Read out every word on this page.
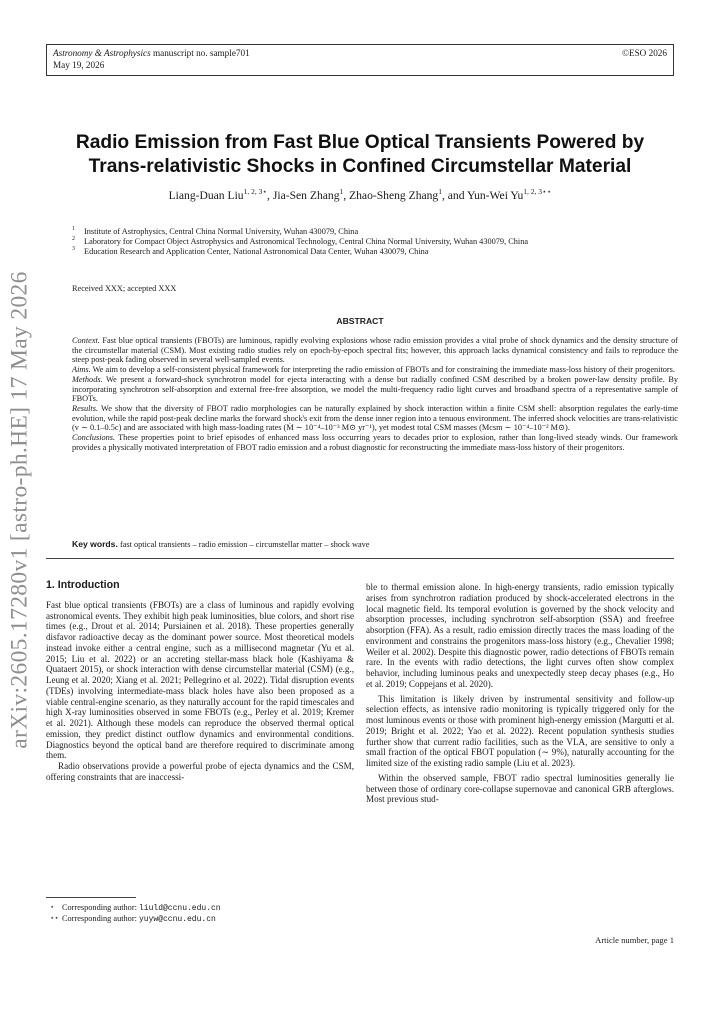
Astronomy & Astrophysics manuscript no. sample701
May 19, 2026
©ESO 2026
arXiv:2605.17280v1 [astro-ph.HE] 17 May 2026
Radio Emission from Fast Blue Optical Transients Powered by
Trans-relativistic Shocks in Confined Circumstellar Material
Liang-Duan Liu$^{1, 2, 3⋆}$, Jia-Sen Zhang$^1$, Zhao-Sheng Zhang$^1$, and Yun-Wei $Yu^{1, 2, 3⋆⋆}$
1 Institute of Astrophysics, Central China Normal University, Wuhan 430079, China
2 Laboratory for Compact Object Astrophysics and Astronomical Technology, Central China Normal University, Wuhan 430079, China
3 Education Research and Application Center, National Astronomical Data Center, Wuhan 430079, China
Received XXX; accepted XXX
ABSTRACT

Context. Fast blue optical transients (FBOTs) are luminous, rapidly evolving explosions whose radio emission provides a vital probe of shock dynamics and the density structure of the circumstellar material (CSM). Most existing radio studies rely on epoch-by-epoch spectral fits; however, this approach lacks dynamical consistency and fails to reproduce the steep post-peak fading observed in several well-sampled events.

Aims. We aim to develop a self-consistent physical framework for interpreting the radio emission of FBOTs and for constraining the immediate mass-loss history of their progenitors.

Methods. We present a forward-shock synchrotron model for ejecta interacting with a dense but radially confined CSM described by a broken power-law density profile. By incorporating synchrotron self-absorption and external free-free absorption, we model the multi-frequency radio light curves and broadband spectra of a representative sample of FBOTs.

Results. We show that the diversity of FBOT radio morphologies can be naturally explained by shock interaction within a finite CSM shell: absorption regulates the early-time evolution, while the rapid post-peak decline marks the forward shock's exit from the dense inner region into a tenuous environment. The inferred shock velocities are trans-relativistic (v ∼ 0.1–0.5c) and are associated with high mass-loading rates (Ṁ ∼ 10⁻⁴–10⁻³ M⊙ yr⁻¹), yet modest total CSM masses (Mcsm ∼ 10⁻⁴–10⁻² M⊙).

Conclusions. These properties point to brief episodes of enhanced mass loss occurring years to decades prior to explosion, rather than long-lived steady winds. Our framework provides a physically motivated interpretation of FBOT radio emission and a robust diagnostic for reconstructing the immediate mass-loss history of their progenitors.

Key words. fast optical transients – radio emission – circumstellar matter – shock wave
1. Introduction

Fast blue optical transients (FBOTs) are a class of luminous and rapidly evolving astronomical events. They exhibit high peak luminosities, blue colors, and short rise times (e.g., Drout et al. 2014; Pursiainen et al. 2018). These properties generally disfavor radioactive decay as the dominant power source. Most theoretical models instead invoke either a central engine, such as a millisecond magnetar (Yu et al. 2015; Liu et al. 2022) or an accreting stellar-mass black hole (Kashiyama & Quataert 2015), or shock interaction with dense circumstellar material (CSM) (e.g., Leung et al. 2020; Xiang et al. 2021; Pellegrino et al. 2022). Tidal disruption events (TDEs) involving intermediate-mass black holes have also been proposed as a viable central-engine scenario, as they naturally account for the rapid timescales and high X-ray luminosities observed in some FBOTs (e.g., Perley et al. 2019; Kremer et al. 2021). Although these models can reproduce the observed thermal optical emission, they predict distinct outflow dynamics and environmental conditions. Diagnostics beyond the optical band are therefore required to discriminate among them.

Radio observations provide a powerful probe of ejecta dynamics and the CSM, offering constraints that are inaccessi-

ble to thermal emission alone. In high-energy transients, radio emission typically arises from synchrotron radiation produced by shock-accelerated electrons in the local magnetic field. Its temporal evolution is governed by the shock velocity and absorption processes, including synchrotron self-absorption (SSA) and freefree absorption (FFA). As a result, radio emission directly traces the mass loading of the environment and constrains the progenitors mass-loss history (e.g., Chevalier 1998; Weiler et al. 2002). Despite this diagnostic power, radio detections of FBOTs remain rare. In the events with radio detections, the light curves often show complex behavior, including luminous peaks and unexpectedly steep decay phases (e.g., Ho et al. 2019; Coppejans et al. 2020).

This limitation is likely driven by instrumental sensitivity and follow-up selection effects, as intensive radio monitoring is typically triggered only for the most luminous events or those with prominent high-energy emission (Margutti et al. 2019; Bright et al. 2022; Yao et al. 2022). Recent population synthesis studies further show that current radio facilities, such as the VLA, are sensitive to only a small fraction of the optical FBOT population (∼ 9%), naturally accounting for the limited size of the existing radio sample (Liu et al. 2023).

Within the observed sample, FBOT radio spectral luminosities generally lie between those of ordinary core-collapse supernovae and canonical GRB afterglows. Most previous stud-

⋆ Corresponding author: liuld@ccnu.edu.cn
⋆⋆ Corresponding author: yuyw@ccnu.edu.cn
Article number, page 1
